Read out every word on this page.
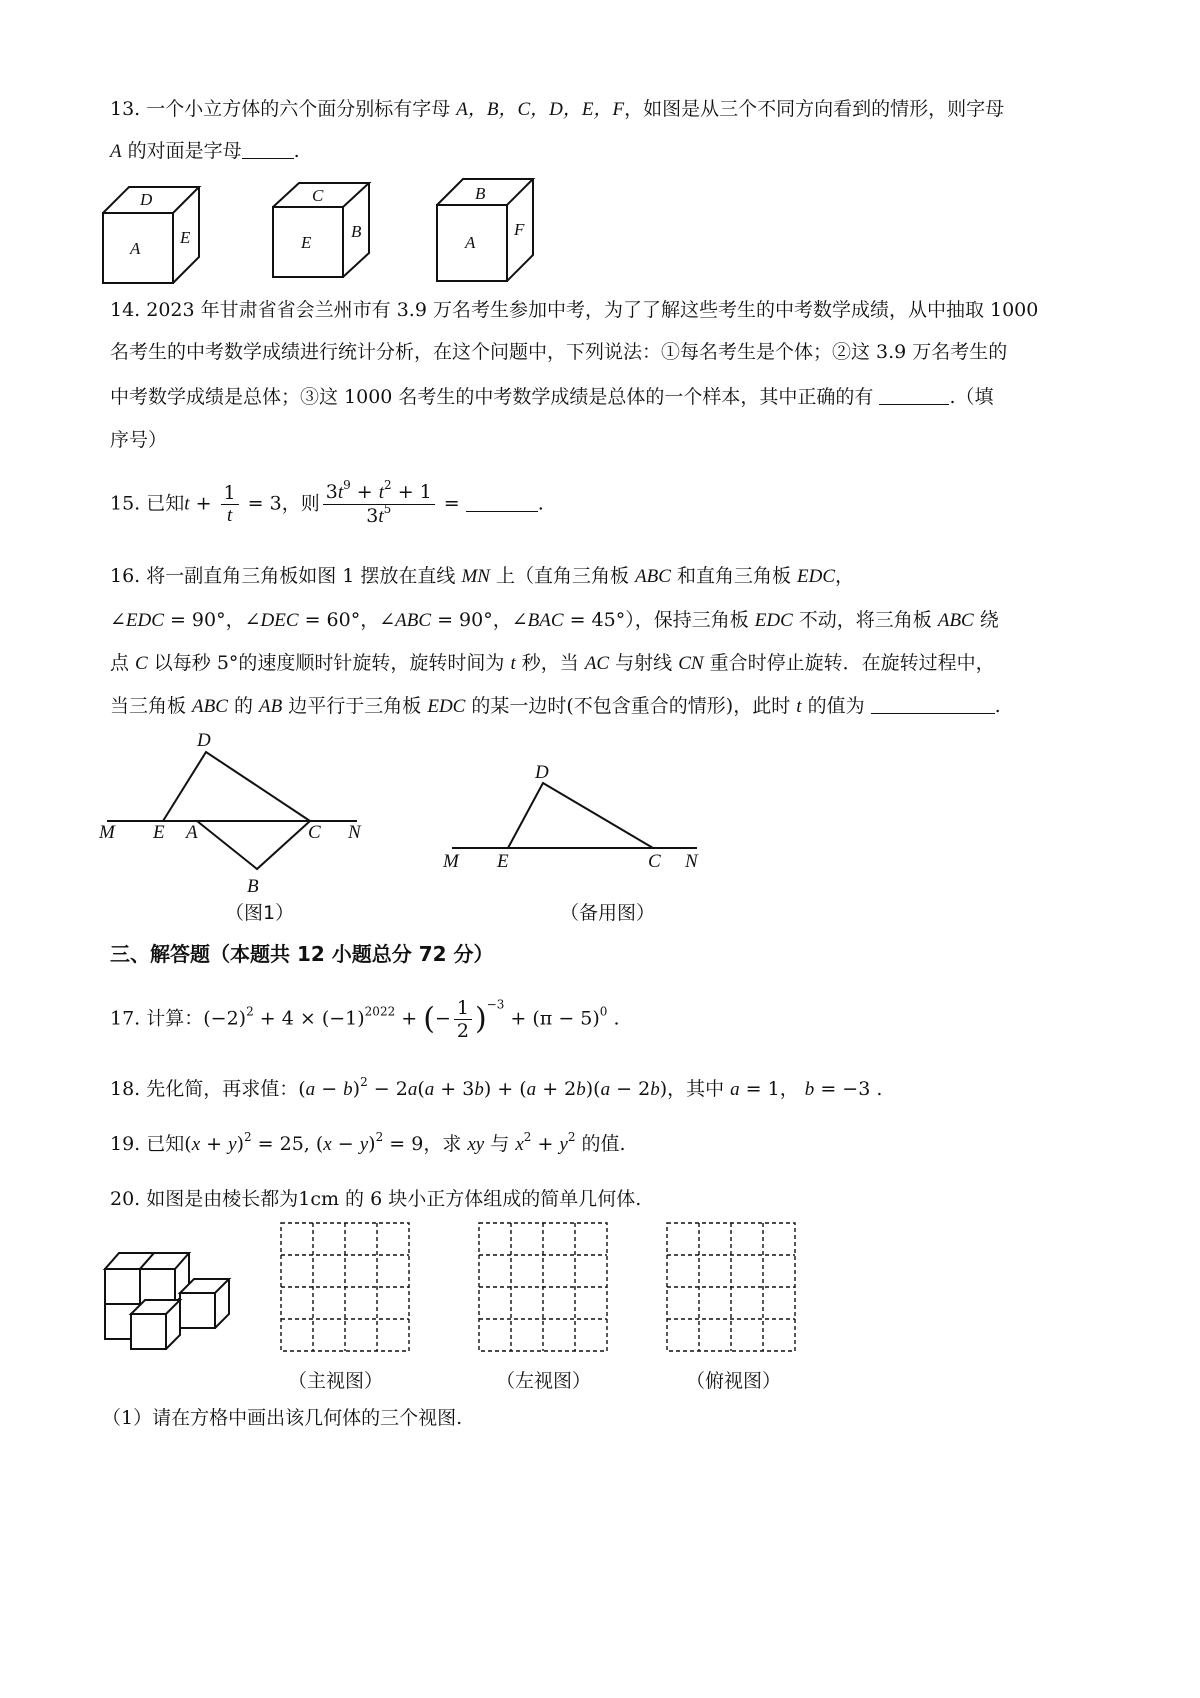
13. 一个小立方体的六个面分别标有字母 A，B，C，D，E，F，如图是从三个不同方向看到的情形，则字母
A 的对面是字母	.
D
A
E
C
E
B
B
A
F
14. 2023 年甘肃省省会兰州市有 3.9 万名考生参加中考，为了了解这些考生的中考数学成绩，从中抽取 1000
名考生的中考数学成绩进行统计分析，在这个问题中，下列说法：①每名考生是个体；②这 3.9 万名考生的
中考数学成绩是总体；③这 1000 名考生的中考数学成绩是总体的一个样本，其中正确的有	.（填
序号）
15. 已知$t + \frac{1}{t} = 3$，则 $\frac{3t^9 + t^2 + 1}{3t^5}$ =	.
16. 将一副直角三角板如图 1 摆放在直线 MN 上（直角三角板 ABC 和直角三角板 EDC，
∠EDC = 90°，∠DEC = 60°，∠ABC = 90°，∠BAC = 45°），保持三角板 EDC 不动，将三角板 ABC 绕
点 C 以每秒 5°的速度顺时针旋转，旋转时间为 t 秒，当 AC 与射线 CN 重合时停止旋转．在旋转过程中，
当三角板 ABC 的 AB 边平行于三角板 EDC 的某一边时(不包含重合的情形)，此时 t 的值为	.
D
M E A	C N
B
（图1）
D
M E	C N
（备用图）
三、解答题（本题共 12 小题总分 72 分）
17. 计算：$(-2)^2 + 4 \times (-1)^{2022}$ + (− $\frac{1}{2} )^{-3} + (\pi - 5)^0$ .
18. 先化简，再求值：$(a - b)^2 - 2a(a + 3b) + (a + 2b)(a - 2b)$，其中 a = 1， b = −3 .
19. 已知$(x + y)^2 = 25$, $(x - y)^2 = 9$，求 xy 与 $x^2 + y^2$ 的值.
20. 如图是由棱长都为1cm 的 6 块小正方体组成的简单几何体.
（主视图）	（左视图）	（俯视图）
（1）请在方格中画出该几何体的三个视图.
